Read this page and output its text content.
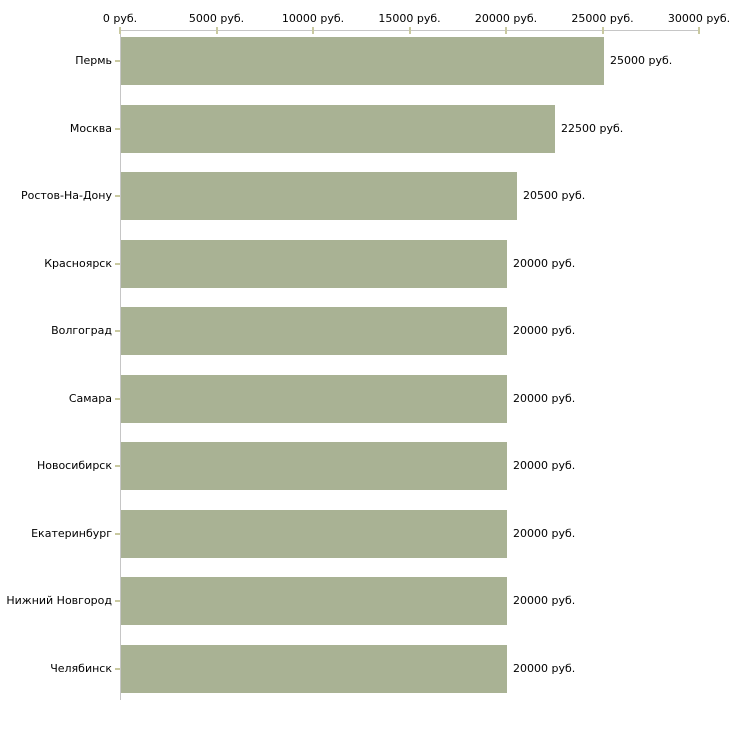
0 руб.	5000 руб.	10000 руб.	15000 руб.	20000 руб.	25000 руб.	30000 руб.
Пермь	25000 руб.
Москва	22500 руб.
Ростов-На-Дону	20500 руб.
Красноярск	20000 руб.
Волгоград	20000 руб.
Самара	20000 руб.
Новосибирск	20000 руб.
Екатеринбург	20000 руб.
Нижний Новгород	20000 руб.
Челябинск	20000 руб.
